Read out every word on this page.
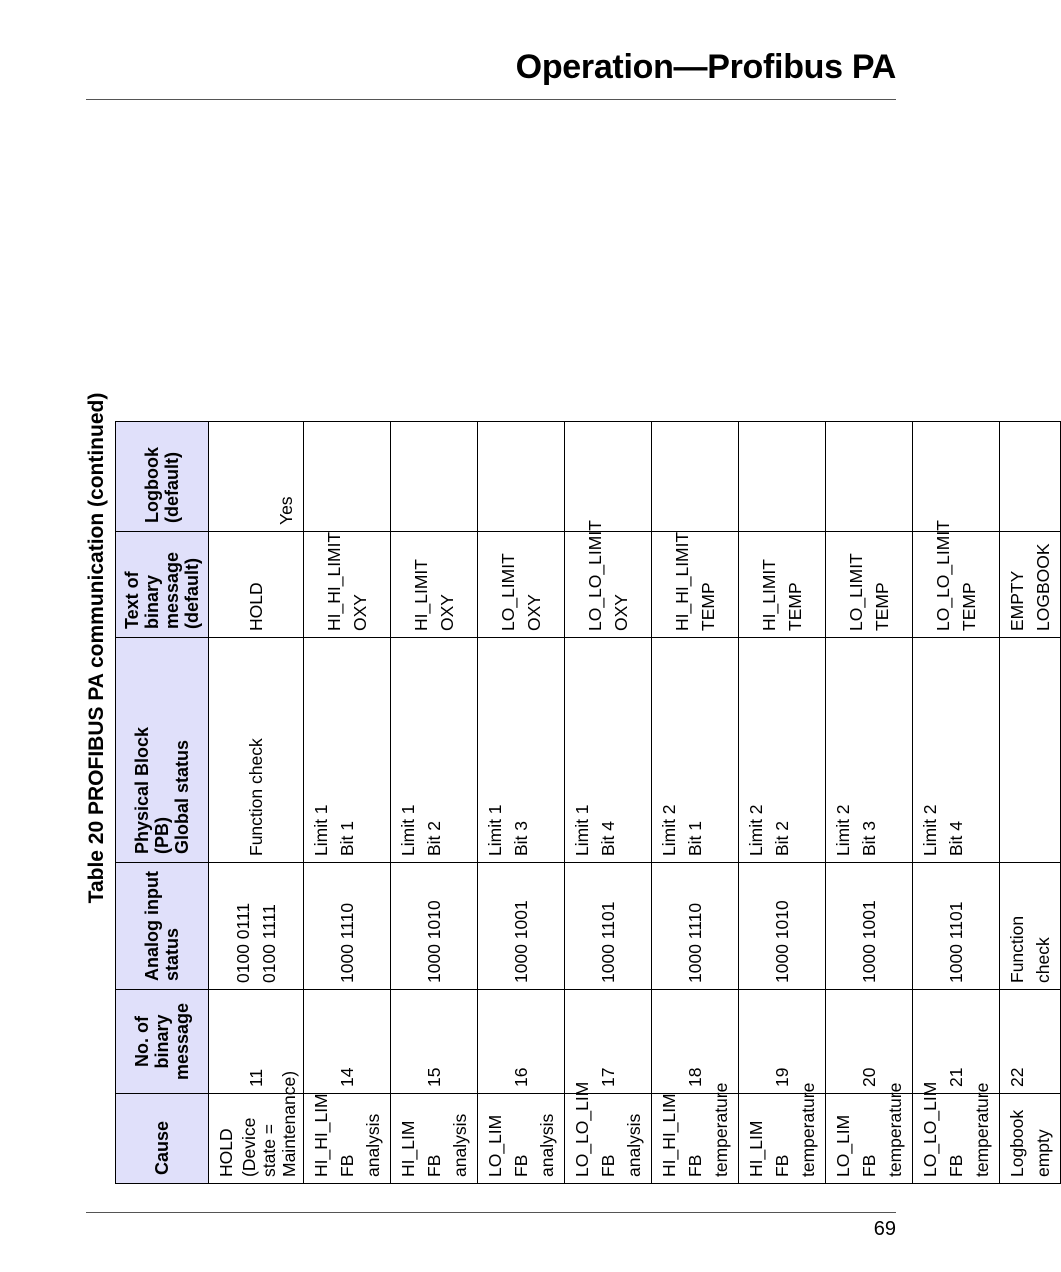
Operation—Profibus PA
Table 20 PROFIBUS PA communication (continued)
Cause	No. of binary message	Analog input status	Physical Block (PB) Global status	Text of binary message (default)	Logbook (default)

HOLD (Device state = Maintenance)	11	0100 0111 0100 1111	Function check	HOLD	Yes

HI_HI_LIM FB analysis	14	1000 1110	Limit 1 Bit 1	HI_HI_LIMIT OXY	

HI_LIM FB analysis	15	1000 1010	Limit 1 Bit 2	HI_LIMIT OXY	

LO_LIM FB analysis	16	1000 1001	Limit 1 Bit 3	LO_LIMIT OXY	

LO_LO_LIM FB analysis	17	1000 1101	Limit 1 Bit 4	LO_LO_LIMIT OXY	

HI_HI_LIM FB temperature	18	1000 1110	Limit 2 Bit 1	HI_HI_LIMIT TEMP	

HI_LIM FB temperature	19	1000 1010	Limit 2 Bit 2	HI_LIMIT TEMP	

LO_LIM FB temperature	20	1000 1001	Limit 2 Bit 3	LO_LIMIT TEMP	

LO_LO_LIM FB temperature	21	1000 1101	Limit 2 Bit 4	LO_LO_LIMIT TEMP	
Logbook empty	22	Function check		EMPTY LOGBOOK	
69
